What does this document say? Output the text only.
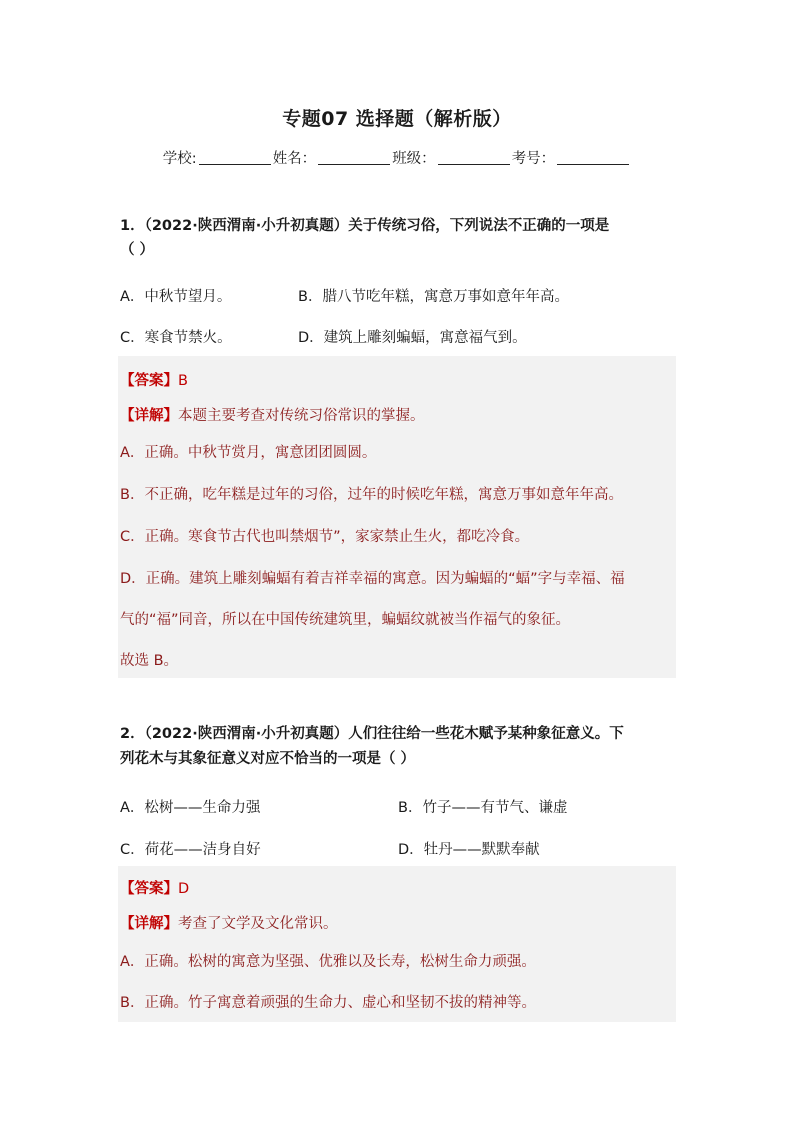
专题07 选择题（解析版）
学校:	姓名：	班级：	考号：
1．（2022·陕西渭南·小升初真题）关于传统习俗，下列说法不正确的一项是
（ ）
A．中秋节望月。	B．腊八节吃年糕，寓意万事如意年年高。
C．寒食节禁火。	D．建筑上雕刻蝙蝠，寓意福气到。
【答案】B
【详解】本题主要考查对传统习俗常识的掌握。
A．正确。中秋节赏月，寓意团团圆圆。
B．不正确，吃年糕是过年的习俗，过年的时候吃年糕，寓意万事如意年年高。
C．正确。寒食节古代也叫禁烟节”，家家禁止生火，都吃冷食。
D．正确。建筑上雕刻蝙蝠有着吉祥幸福的寓意。因为蝙蝠的“蝠”字与幸福、福
气的“福”同音，所以在中国传统建筑里，蝙蝠纹就被当作福气的象征。
故选 B。
2．（2022·陕西渭南·小升初真题）人们往往给一些花木赋予某种象征意义。下
列花木与其象征意义对应不恰当的一项是（ ）
A．松树——生命力强	B．竹子——有节气、谦虚
C．荷花——洁身自好	D．牡丹——默默奉献
【答案】D
【详解】考查了文学及文化常识。
A．正确。松树的寓意为坚强、优雅以及长寿，松树生命力顽强。
B．正确。竹子寓意着顽强的生命力、虚心和坚韧不拔的精神等。
